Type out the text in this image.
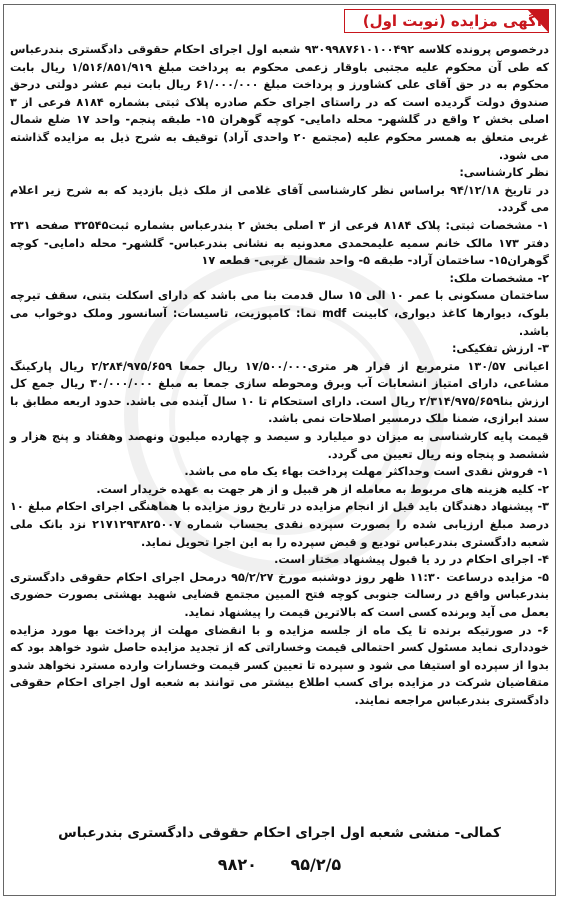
آگهی مزایده (نوبت اول)

درخصوص پرونده کلاسه ۹۳۰۹۹۸۷۶۱۰۱۰۰۴۹۲ شعبه اول اجرای احکام حقوقی دادگستری بندرعباس که طی آن محکوم علیه مجتبی باوقار زعمی محکوم به پرداخت مبلغ ۱/۵۱۶/۸۵۱/۹۱۹ ریال بابت محکوم به در حق آقای علی کشاورز و پرداخت مبلغ ۶۱/۰۰۰/۰۰۰ ریال بابت نیم عشر دولتی درحق صندوق دولت گردیده است که در راستای اجرای حکم صادره پلاک ثبتی بشماره ۸۱۸۴ فرعی از ۳ اصلی بخش ۲ واقع در گلشهر- محله دامایی- کوچه گوهران ۱۵- طبقه پنجم- واحد ۱۷ ضلع شمال غربی متعلق به همسر محکوم علیه (مجتمع ۲۰ واحدی آراد) توقیف به شرح ذیل به مزایده گذاشته می شود.

نظر کارشناسی:

در تاریخ ۹۴/۱۲/۱۸ براساس نظر کارشناسی آقای غلامی از ملک ذیل بازدید که به شرح زیر اعلام می گردد.

۱- مشخصات ثبتی: پلاک ۸۱۸۴ فرعی از ۳ اصلی بخش ۲ بندرعباس بشماره ثبت۳۲۵۴۵ صفحه ۲۳۱ دفتر ۱۷۳ مالک خانم سمیه علیمحمدی معدونیه به نشانی بندرعباس- گلشهر- محله دامایی- کوچه گوهران۱۵- ساختمان آراد- طبقه ۵- واحد شمال غربی- قطعه ۱۷

۲- مشخصات ملک:

ساختمان مسکونی با عمر ۱۰ الی ۱۵ سال قدمت بنا می باشد که دارای اسکلت بتنی، سقف تیرچه بلوک، دیوارها کاغذ دیواری، کابینت mdf نما: کامپوزیت، تاسیسات: آسانسور وملک دوخواب می باشد.

۳- ارزش تفکیکی:

اعیانی ۱۳۰/۵۷ مترمربع از قرار هر متری۱۷/۵۰۰/۰۰۰ ریال جمعا ۲/۲۸۴/۹۷۵/۶۵۹ ریال پارکینگ مشاعی، دارای امتیاز انشعابات آب وبرق ومحوطه سازی جمعا به مبلغ ۳۰/۰۰۰/۰۰۰ ریال جمع کل ارزش بنا۲/۳۱۴/۹۷۵/۶۵۹ ریال است. دارای استحکام تا ۱۰ سال آینده می باشد. حدود اربعه مطابق با سند ابرازی، ضمنا ملک درمسیر اصلاحات نمی باشد.

قیمت پایه کارشناسی به میزان دو میلیارد و سیصد و چهارده میلیون ونهصد وهفتاد و پنج هزار و ششصد و پنجاه ونه ریال تعیین می گردد.

۱- فروش نقدی است وحداکثر مهلت پرداخت بهاء یک ماه می باشد.

۲- کلیه هزینه های مربوط به معامله از هر قبیل و از هر جهت به عهده خریدار است.

۳- پیشنهاد دهندگان باید قبل از انجام مزایده در تاریخ روز مزایده با هماهنگی اجرای احکام مبلغ ۱۰ درصد مبلغ ارزیابی شده را بصورت سپرده نقدی بحساب شماره ۲۱۷۱۲۹۳۸۲۵۰۰۷ نزد بانک ملی شعبه دادگستری بندرعباس تودیع و قبض سپرده را به این اجرا تحویل نماید.

۴- اجرای احکام در رد یا قبول پیشنهاد مختار است.

۵- مزایده درساعت ۱۱:۳۰ ظهر روز دوشنبه مورخ ۹۵/۲/۲۷ درمحل اجرای احکام حقوقی دادگستری بندرعباس واقع در رسالت جنوبی کوچه فتح المبین مجتمع قضایی شهید بهشتی بصورت حضوری بعمل می آید وبرنده کسی است که بالاترین قیمت را پیشنهاد نماید.

۶- در صورتیکه برنده تا یک ماه از جلسه مزایده و با انقضای مهلت از پرداخت بها مورد مزایده خودداری نماید مسئول کسر احتمالی قیمت وخساراتی که از تجدید مزایده حاصل شود خواهد بود که بدوا از سپرده او استیفا می شود و سپرده تا تعیین کسر قیمت وخسارات وارده مسترد نخواهد شدو متقاضیان شرکت در مزایده برای کسب اطلاع بیشتر می توانند به شعبه اول اجرای احکام حقوقی دادگستری بندرعباس مراجعه نمایند.

کمالی- منشی شعبه اول اجرای احکام حقوقی دادگستری بندرعباس
۹۸۲۰ ۹۵/۲/۵
